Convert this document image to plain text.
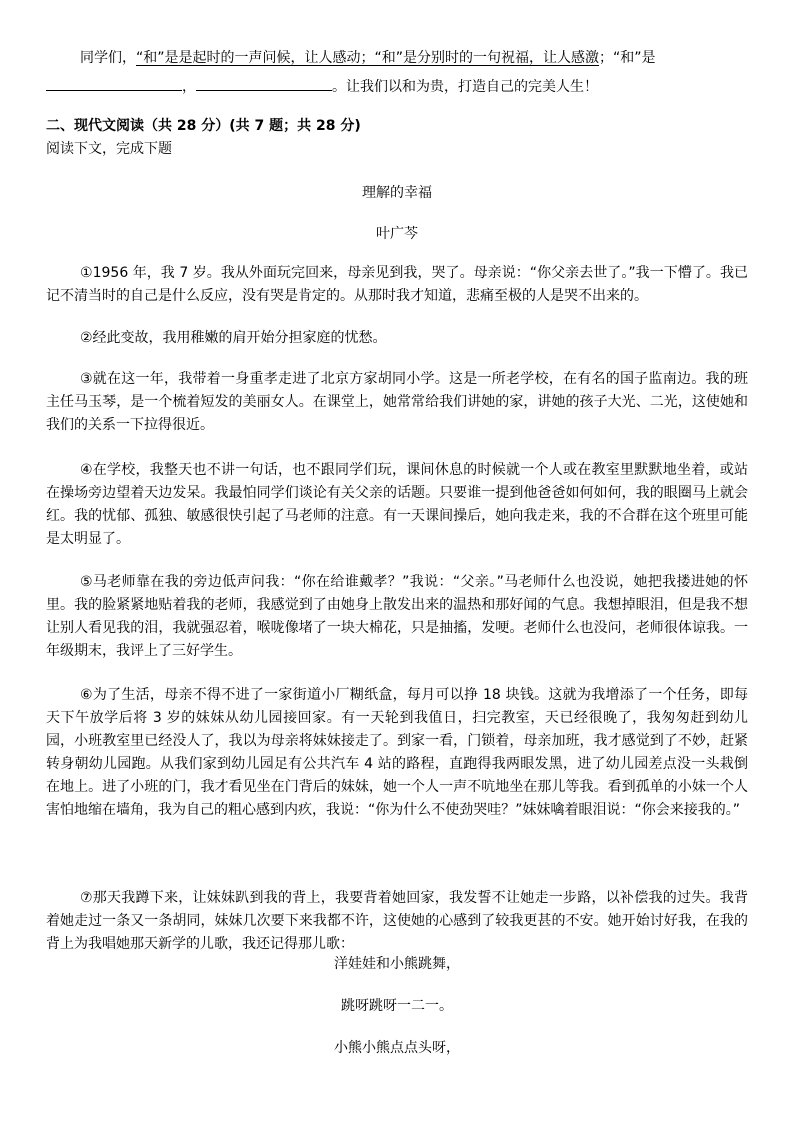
同学们，“和”是是起时的一声问候，让人感动；“和”是分别时的一句祝福，让人感激；“和”是
，	。让我们以和为贵，打造自己的完美人生！
二、现代文阅读（共 28 分）(共 7 题；共 28 分)
阅读下文，完成下题
理解的幸福
叶广芩

①1956 年，我 7 岁。我从外面玩完回来，母亲见到我，哭了。母亲说：“你父亲去世了。”我一下懵了。我已记不清当时的自己是什么反应，没有哭是肯定的。从那时我才知道，悲痛至极的人是哭不出来的。

②经此变故，我用稚嫩的肩开始分担家庭的忧愁。

③就在这一年，我带着一身重孝走进了北京方家胡同小学。这是一所老学校，在有名的国子监南边。我的班主任马玉琴，是一个梳着短发的美丽女人。在课堂上，她常常给我们讲她的家，讲她的孩子大光、二光，这使她和我们的关系一下拉得很近。

④在学校，我整天也不讲一句话，也不跟同学们玩，课间休息的时候就一个人或在教室里默默地坐着，或站在操场旁边望着天边发呆。我最怕同学们谈论有关父亲的话题。只要谁一提到他爸爸如何如何，我的眼圈马上就会红。我的忧郁、孤独、敏感很快引起了马老师的注意。有一天课间操后，她向我走来，我的不合群在这个班里可能是太明显了。

⑤马老师靠在我的旁边低声问我：“你在给谁戴孝？”我说：“父亲。”马老师什么也没说，她把我搂进她的怀里。我的脸紧紧地贴着我的老师，我感觉到了由她身上散发出来的温热和那好闻的气息。我想掉眼泪，但是我不想让别人看见我的泪，我就强忍着，喉咙像堵了一块大棉花，只是抽搐，发哽。老师什么也没问，老师很体谅我。一年级期末，我评上了三好学生。

⑥为了生活，母亲不得不进了一家街道小厂糊纸盒，每月可以挣 18 块钱。这就为我增添了一个任务，即每天下午放学后将 3 岁的妹妹从幼儿园接回家。有一天轮到我值日，扫完教室，天已经很晚了，我匆匆赶到幼儿园，小班教室里已经没人了，我以为母亲将妹妹接走了。到家一看，门锁着，母亲加班，我才感觉到了不妙，赶紧转身朝幼儿园跑。从我们家到幼儿园足有公共汽车 4 站的路程，直跑得我两眼发黑，进了幼儿园差点没一头栽倒在地上。进了小班的门，我才看见坐在门背后的妹妹，她一个人一声不吭地坐在那儿等我。看到孤单的小妹一个人害怕地缩在墙角，我为自己的粗心感到内疚，我说：“你为什么不使劲哭哇？”妹妹噙着眼泪说：“你会来接我的。”

⑦那天我蹲下来，让妹妹趴到我的背上，我要背着她回家，我发誓不让她走一步路，以补偿我的过失。我背着她走过一条又一条胡同，妹妹几次要下来我都不许，这使她的心感到了较我更甚的不安。她开始讨好我，在我的背上为我唱她那天新学的儿歌，我还记得那儿歌：

洋娃娃和小熊跳舞，
跳呀跳呀一二一。
小熊小熊点点头呀，
